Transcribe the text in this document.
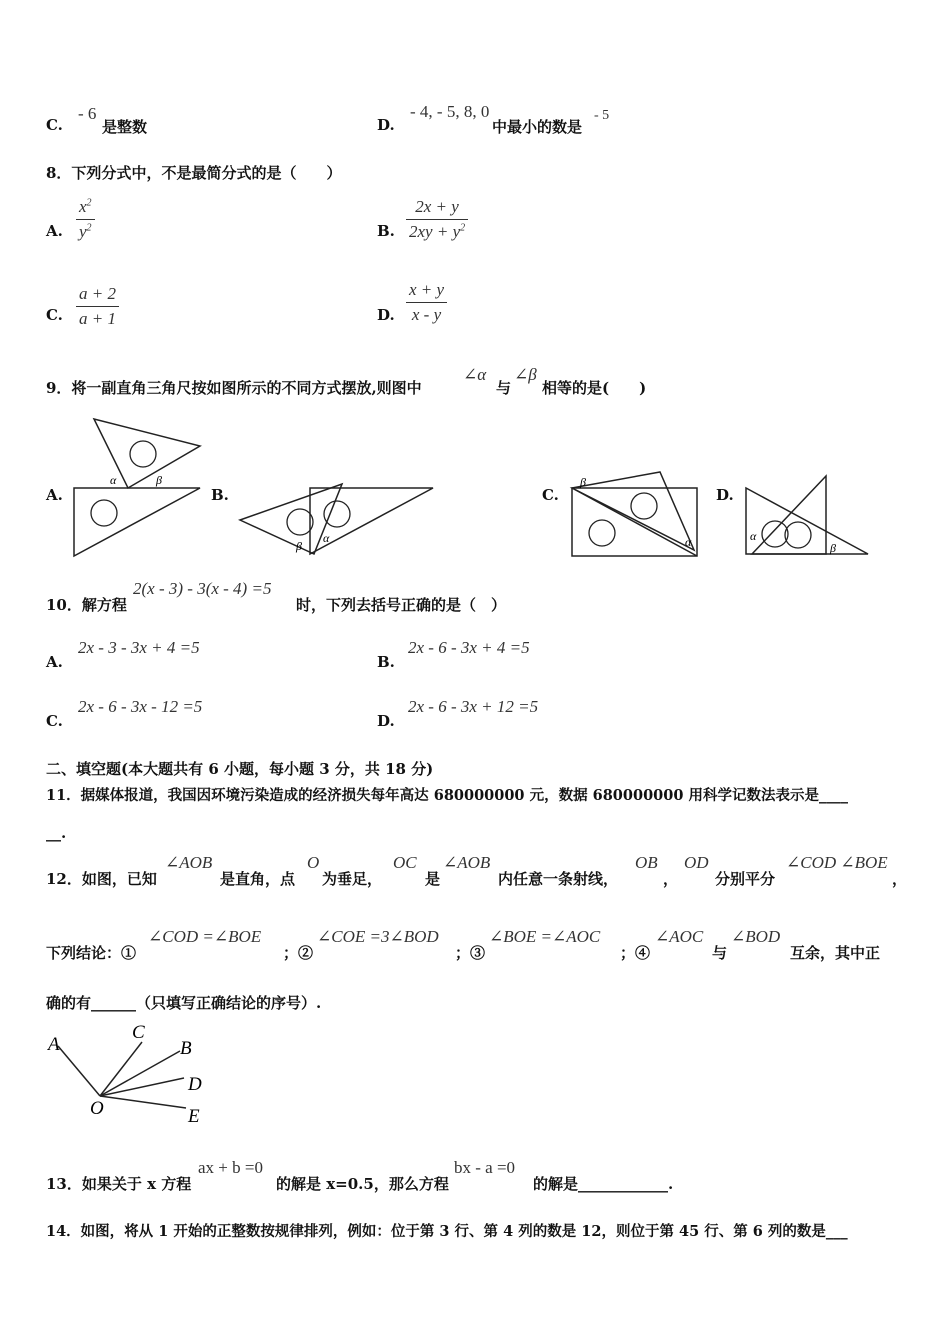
C.
- 6
是整数	D.
- 4, - 5, 8, 0
中最小的数是
- 5
8．下列分式中，不是最简分式的是（　　）
A. $\frac{x^2}{y^2}$	B. $\frac{2x + y}{2xy + y^2}$
C. $\frac{a + 2}{a + 1}$	D. $\frac{x + y}{x - y}$
9．将一副直角三角尺按如图所示的不同方式摆放,则图中
∠α
与
∠β
相等的是(　　)
A.	B.	C.	D.
α	β
β
α
β
α	α
β
10．解方程
2(x - 3) - 3(x - 4) =5
时，下列去括号正确的是（　）
A.
2x - 3 - 3x + 4 =5
B.
2x - 6 - 3x + 4 =5
C.
2x - 6 - 3x - 12 =5
D.
2x - 6 - 3x + 12 =5
二、填空题(本大题共有 6 小题，每小题 3 分，共 18 分)
11．据媒体报道，我国因环境污染造成的经济损失每年高达 680000000 元，数据 680000000 用科学记数法表示是____
__.
12．如图，已知
∠AOB
是直角，点
O
为垂足，
OC
是
∠AOB
内任意一条射线，
OB
，
OD
分别平分
∠COD ∠BOE
，
下列结论：①
∠COD =∠BOE
；②
∠COE =3∠BOD
；③
∠BOE =∠AOC
；④
∠AOC
与
∠BOD
互余，其中正
确的有______（只填写正确结论的序号）.
A
C
B
D
E
O
13．如果关于 x 方程
ax + b =0
的解是 x=0.5，那么方程
bx - a =0
的解是____________.
14．如图，将从 1 开始的正整数按规律排列，例如：位于第 3 行、第 4 列的数是 12，则位于第 45 行、第 6 列的数是___
